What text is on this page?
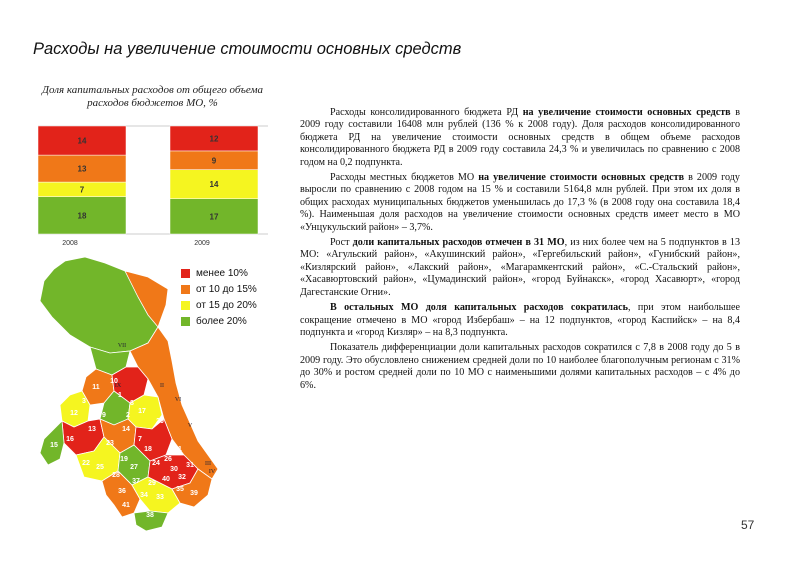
Расходы на увеличение стоимости основных средств
Доля капитальных расходов от общего объема расходов бюджетов МО, %
18
7
13
14
2008
17
14
9
12
2009
1
2
3
4
7
8
9
10
11
12
13	14
15
16
17
18
19
20
21
22
23
24
25
26
27
28
29
30
31
32
33
34
35
36
37
38
39
40
41
II
III
IV
V
VI
VII
IX
менее 10%
от 10 до 15%
от 15 до 20%
более 20%

Расходы консолидированного бюджета РД на увеличение стоимости основных средств в 2009 году составили 16408 млн рублей (136 % к 2008 году). Доля расходов консолидированного бюджета РД на увеличение стоимости основных средств в общем объеме расходов консолидированного бюджета РД в 2009 году составила 24,3 % и увеличилась по сравнению с 2008 годом на 0,2 подпункта.

Расходы местных бюджетов МО на увеличение стоимости основных средств в 2009 году выросли по сравнению с 2008 годом на 15 % и составили 5164,8 млн рублей. При этом их доля в общих расходах муниципальных бюджетов уменьшилась до 17,3 % (в 2008 году она составила 18,4 %). Наименьшая доля расходов на увеличение стоимости основных средств имеет место в МО «Унцукульский район» – 3,7%.

Рост доли капитальных расходов отмечен в 31 МО, из них более чем на 5 подпунктов в 13 МО: «Агульский район», «Акушинский район», «Гергебильский район», «Гунибский район», «Кизлярский район», «Лакский район», «Магарамкентский район», «С.-Стальский район», «Хасавюртовский район», «Цумадинский район», «город Буйнакск», «город Хасавюрт», «город Дагестанские Огни».

В остальных МО доля капитальных расходов сократилась, при этом наибольшее сокращение отмечено в МО «город Избербаш» – на 12 подпунктов, «город Каспийск» – на 8,4 подпункта и «город Кизляр» – на 8,3 подпункта.

Показатель дифференциации доли капитальных расходов сократился с 7,8 в 2008 году до 5 в 2009 году. Это обусловлено снижением средней доли по 10 наиболее благополучным регионам с 31% до 30% и ростом средней доли по 10 МО с наименьшими долями капитальных расходов – с 4% до 6%.

57
